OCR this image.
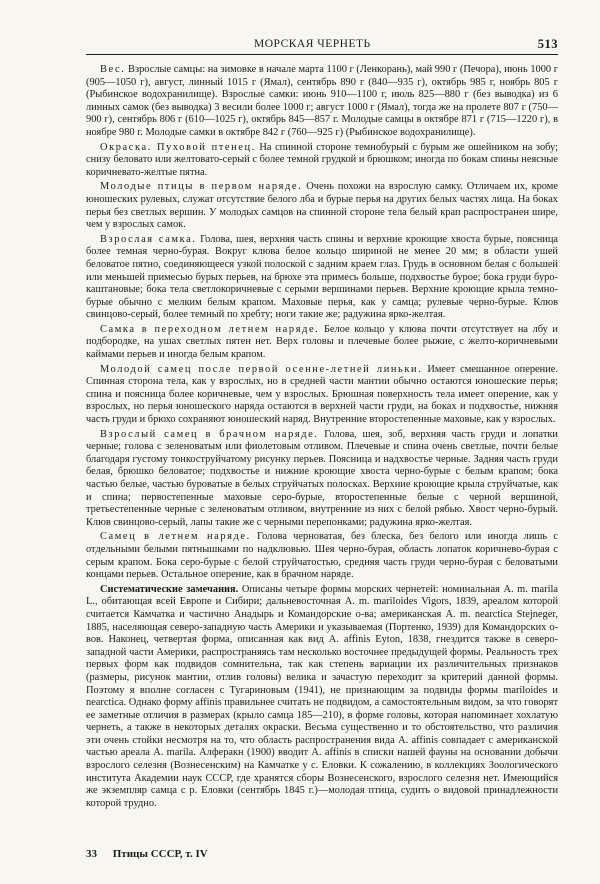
МОРСКАЯ ЧЕРНЕТЬ	513

Вес. Взрослые самцы: на зимовке в начале марта 1100 г (Ленкорань), май 990 г (Печора), июнь 1000 г (905—1050 г), август, линный 1015 г (Ямал), сентябрь 890 г (840—935 г), октябрь 985 г, ноябрь 805 г (Рыбинское водохранилище). Взрослые самки: июнь 910—1100 г, июль 825—880 г (без выводка) из 6 линных самок (без выводка) 3 весили более 1000 г; август 1000 г (Ямал), тогда же на пролете 807 г (750—900 г), сентябрь 806 г (610—1025 г), октябрь 845—857 г. Молодые самцы в октябре 871 г (715—1220 г), в ноябре 980 г. Молодые самки в октябре 842 г (760—925 г) (Рыбинское водохранилище).

Окраска. Пуховой птенец. На спинной стороне темнобурый с бурым же ошейником на зобу; снизу беловато или желтовато-серый с более темной грудкой и брюшком; иногда по бокам спины неясные коричневато-желтые пятна.

Молодые птицы в первом наряде. Очень похожи на взрослую самку. Отличаем их, кроме юношеских рулевых, служат отсутствие белого лба и бурые перья на других белых частях лица. На боках перья без светлых вершин. У молодых самцов на спинной стороне тела белый крап распространен шире, чем у взрослых самок.

Взрослая самка. Голова, шея, верхняя часть спины и верхние кроющие хвоста бурые, поясница более темная черно-бурая. Вокруг клюва белое кольцо шириной не менее 20 мм; в области ушей беловатое пятно, соединяющееся узкой полоской с задним краем глаз. Грудь в основном белая с большей или меньшей примесью бурых перьев, на брюхе эта примесь больше, подхвостье бурое; бока груди буро-каштановые; бока тела светлокоричневые с серыми вершинами перьев. Верхние кроющие крыла темно-бурые обычно с мелким белым крапом. Маховые перья, как у самца; рулевые черно-бурые. Клюв свинцово-серый, более темный по хребту; ноги такие же; радужина ярко-желтая.

Самка в переходном летнем наряде. Белое кольцо у клюва почти отсутствует на лбу и подбородке, на ушах светлых пятен нет. Верх головы и плечевые более рыжие, с желто-коричневыми каймами перьев и иногда белым крапом.

Молодой самец после первой осенне-летней линьки. Имеет смешанное оперение. Спинная сторона тела, как у взрослых, но в средней части мантии обычно остаются юношеские перья; спина и поясница более коричневые, чем у взрослых. Брюшная поверхность тела имеет оперение, как у взрослых, но перья юношеского наряда остаются в верхней части груди, на боках и подхвостье, нижняя часть груди и брюхо сохраняют юношеский наряд. Внутренние второстепенные маховые, как у взрослых.

Взрослый самец в брачном наряде. Голова, шея, зоб, верхняя часть груди и лопатки черные; голова с зеленоватым или фиолетовым отливом. Плечевые и спина очень светлые, почти белые благодаря густому тонкоструйчатому рисунку перьев. Поясница и надхвостье черные. Задняя часть груди белая, брюшко беловатое; подхвостье и нижние кроющие хвоста черно-бурые с белым крапом; бока частью белые, частью буроватые в белых струйчатых полосках. Верхние кроющие крыла струйчатые, как и спина; первостепенные маховые серо-бурые, второстепенные белые с черной вершиной, третьестепенные черные с зеленоватым отливом, внутренние из них с белой рябью. Хвост черно-бурый. Клюв свинцово-серый, лапы такие же с черными перепонками; радужина ярко-желтая.

Самец в летнем наряде. Голова черноватая, без блеска, без белого или иногда лишь с отдельными белыми пятнышками по надклювью. Шея черно-бурая, область лопаток коричнево-бурая с серым крапом. Бока серо-бурые с белой струйчатостью, средняя часть груди черно-бурая с беловатыми концами перьев. Остальное оперение, как в брачном наряде.

Систематические замечания. Описаны четыре формы морских чернетей: номинальная A. m. marila L., обитающая всей Европе и Сибири; дальневосточная A. m. mariloides Vigors, 1839, ареалом которой считается Камчатка и частично Анадырь и Командорские о-ва; американская A. m. nearctica Stejneger, 1885, населяющая северо-западную часть Америки и указываемая (Портенко, 1939) для Командорских о-вов. Наконец, четвертая форма, описанная как вид A. affinis Eyton, 1838, гнездится также в северо-западной части Америки, распространяясь там несколько восточнее предыдущей формы. Реальность трех первых форм как подвидов сомнительна, так как степень вариации их различительных признаков (размеры, рисунок мантии, отлив головы) велика и зачастую переходит за критерий данной формы. Поэтому я вполне согласен с Тугариновым (1941), не признающим за подвиды формы mariloides и nearctica. Однако форму affinis правильнее считать не подвидом, а самостоятельным видом, за что говорят ее заметные отличия в размерах (крыло самца 185—210), в форме головы, которая напоминает хохлатую чернеть, а также в некоторых деталях окраски. Весьма существенно и то обстоятельство, что различия эти очень стойки несмотря на то, что область распространения вида A. affinis совпадает с американской частью ареала A. marila. Алферакн (1900) вводит A. affinis в списки нашей фауны на основании добычи взрослого селезня (Вознесенским) на Камчатке у с. Еловки. К сожалению, в коллекциях Зоологического института Академии наук СССР, где хранятся сборы Вознесенского, взрослого селезня нет. Имеющийся же экземпляр самца с р. Еловки (сентябрь 1845 г.)—молодая птица, судить о видовой принадлежности которой трудно.

33 Птицы СССР, т. IV
